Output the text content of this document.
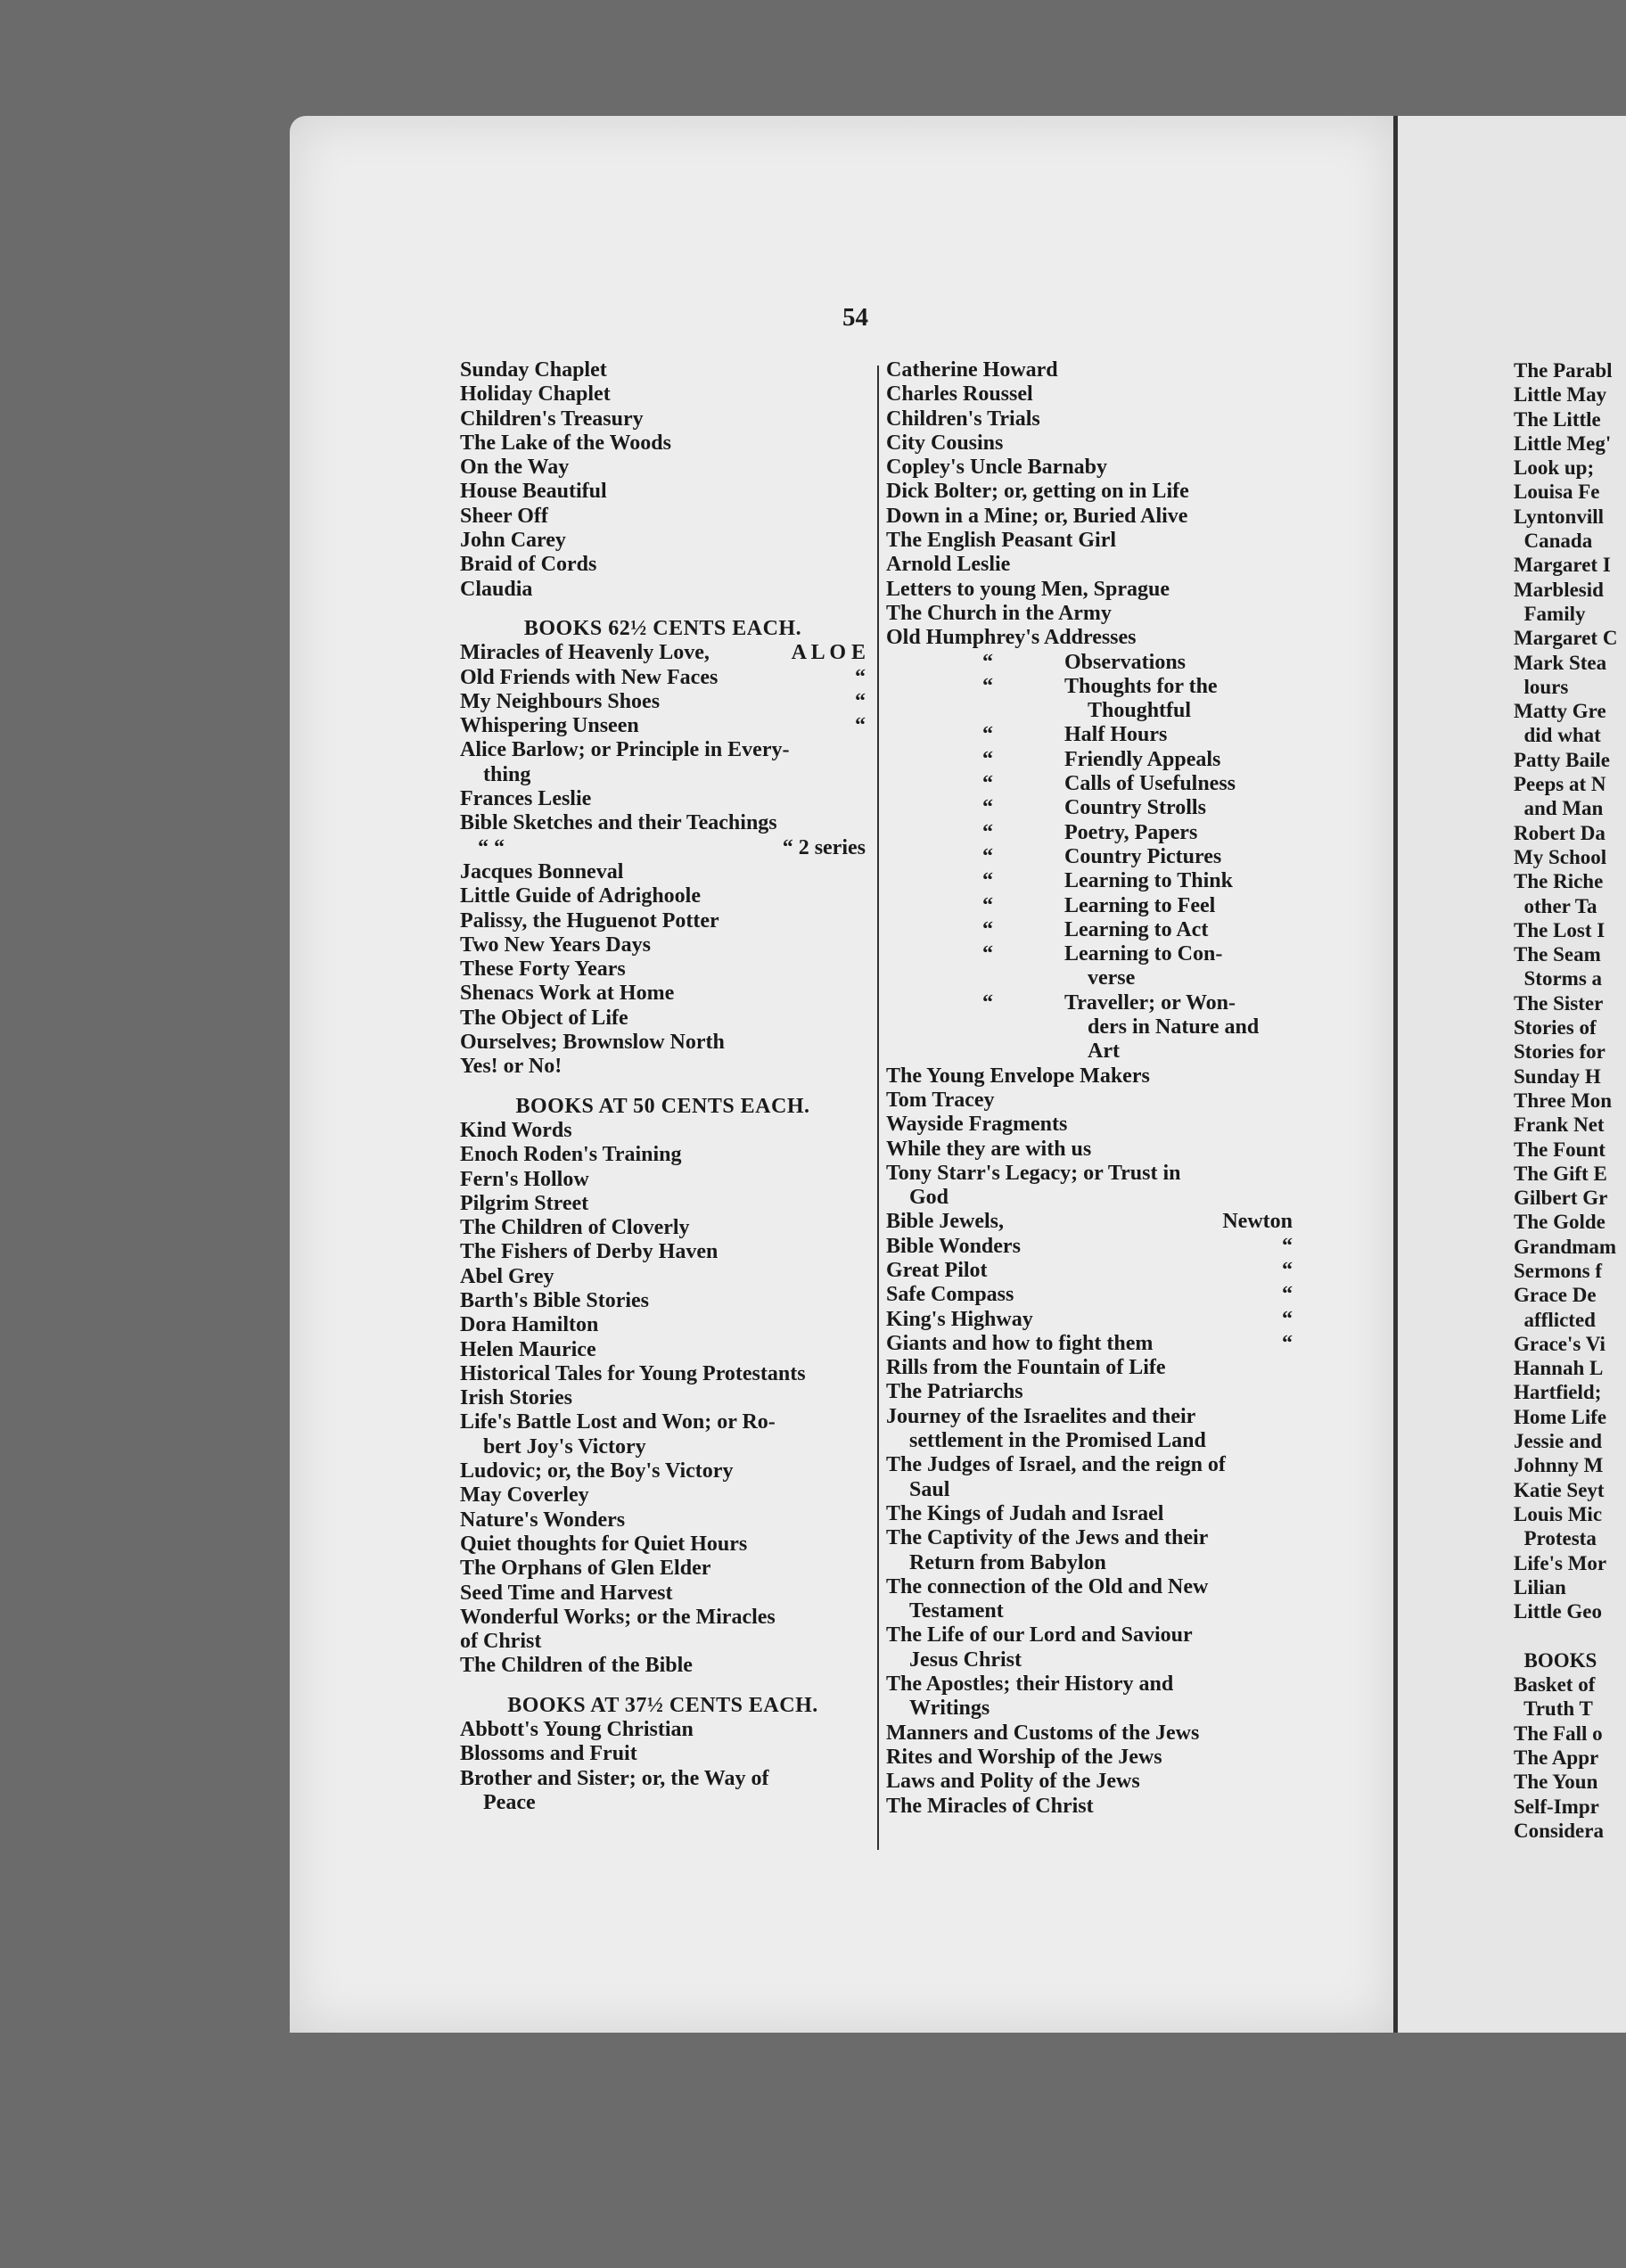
54
Sunday Chaplet
Holiday Chaplet
Children's Treasury
The Lake of the Woods
On the Way
House Beautiful
Sheer Off
John Carey
Braid of Cords
Claudia
BOOKS 62½ CENTS EACH.
Miracles of Heavenly Love,	A L O E
Old Friends with New Faces	“
My Neighbours Shoes	“
Whispering Unseen	“
Alice Barlow; or Principle in Every-
thing
Frances Leslie
Bible Sketches and their Teachings
“ “	“ 2 series
Jacques Bonneval
Little Guide of Adrighoole
Palissy, the Huguenot Potter
Two New Years Days
These Forty Years
Shenacs Work at Home
The Object of Life
Ourselves; Brownslow North
Yes! or No!
BOOKS AT 50 CENTS EACH.
Kind Words
Enoch Roden's Training
Fern's Hollow
Pilgrim Street
The Children of Cloverly
The Fishers of Derby Haven
Abel Grey
Barth's Bible Stories
Dora Hamilton
Helen Maurice
Historical Tales for Young Protestants
Irish Stories
Life's Battle Lost and Won; or Ro-
bert Joy's Victory
Ludovic; or, the Boy's Victory
May Coverley
Nature's Wonders
Quiet thoughts for Quiet Hours
The Orphans of Glen Elder
Seed Time and Harvest
Wonderful Works; or the Miracles
of Christ
The Children of the Bible
BOOKS AT 37½ CENTS EACH.
Abbott's Young Christian
Blossoms and Fruit
Brother and Sister; or, the Way of
Peace
Catherine Howard
Charles Roussel
Children's Trials
City Cousins
Copley's Uncle Barnaby
Dick Bolter; or, getting on in Life
Down in a Mine; or, Buried Alive
The English Peasant Girl
Arnold Leslie
Letters to young Men, Sprague
The Church in the Army
Old Humphrey's Addresses
“	Observations
“	Thoughts for the
Thoughtful
“	Half Hours
“	Friendly Appeals
“	Calls of Usefulness
“	Country Strolls
“	Poetry, Papers
“	Country Pictures
“	Learning to Think
“	Learning to Feel
“	Learning to Act
“	Learning to Con-
verse
“	Traveller; or Won-
ders in Nature and
Art
The Young Envelope Makers
Tom Tracey
Wayside Fragments
While they are with us
Tony Starr's Legacy; or Trust in
God
Bible Jewels,	Newton
Bible Wonders	“
Great Pilot	“
Safe Compass	“
King's Highway	“
Giants and how to fight them	“
Rills from the Fountain of Life
The Patriarchs
Journey of the Israelites and their
settlement in the Promised Land
The Judges of Israel, and the reign of
Saul
The Kings of Judah and Israel
The Captivity of the Jews and their
Return from Babylon
The connection of the Old and New
Testament
The Life of our Lord and Saviour
Jesus Christ
The Apostles; their History and
Writings
Manners and Customs of the Jews
Rites and Worship of the Jews
Laws and Polity of the Jews
The Miracles of Christ
The Parabl
Little May
The Little
Little Meg'
Look up;
Louisa Fe
Lyntonvill
Canada
Margaret I
Marblesid
Family
Margaret C
Mark Stea
lours
Matty Gre
did what
Patty Baile
Peeps at N
and Man
Robert Da
My School
The Riche
other Ta
The Lost I
The Seam
Storms a
The Sister
Stories of
Stories for
Sunday H
Three Mon
Frank Net
The Fount
The Gift E
Gilbert Gr
The Golde
Grandmam
Sermons f
Grace De
afflicted
Grace's Vi
Hannah L
Hartfield;
Home Life
Jessie and
Johnny M
Katie Seyt
Louis Mic
Protesta
Life's Mor
Lilian
Little Geo

BOOKS
Basket of
Truth T
The Fall o
The Appr
The Youn
Self-Impr
Considera
